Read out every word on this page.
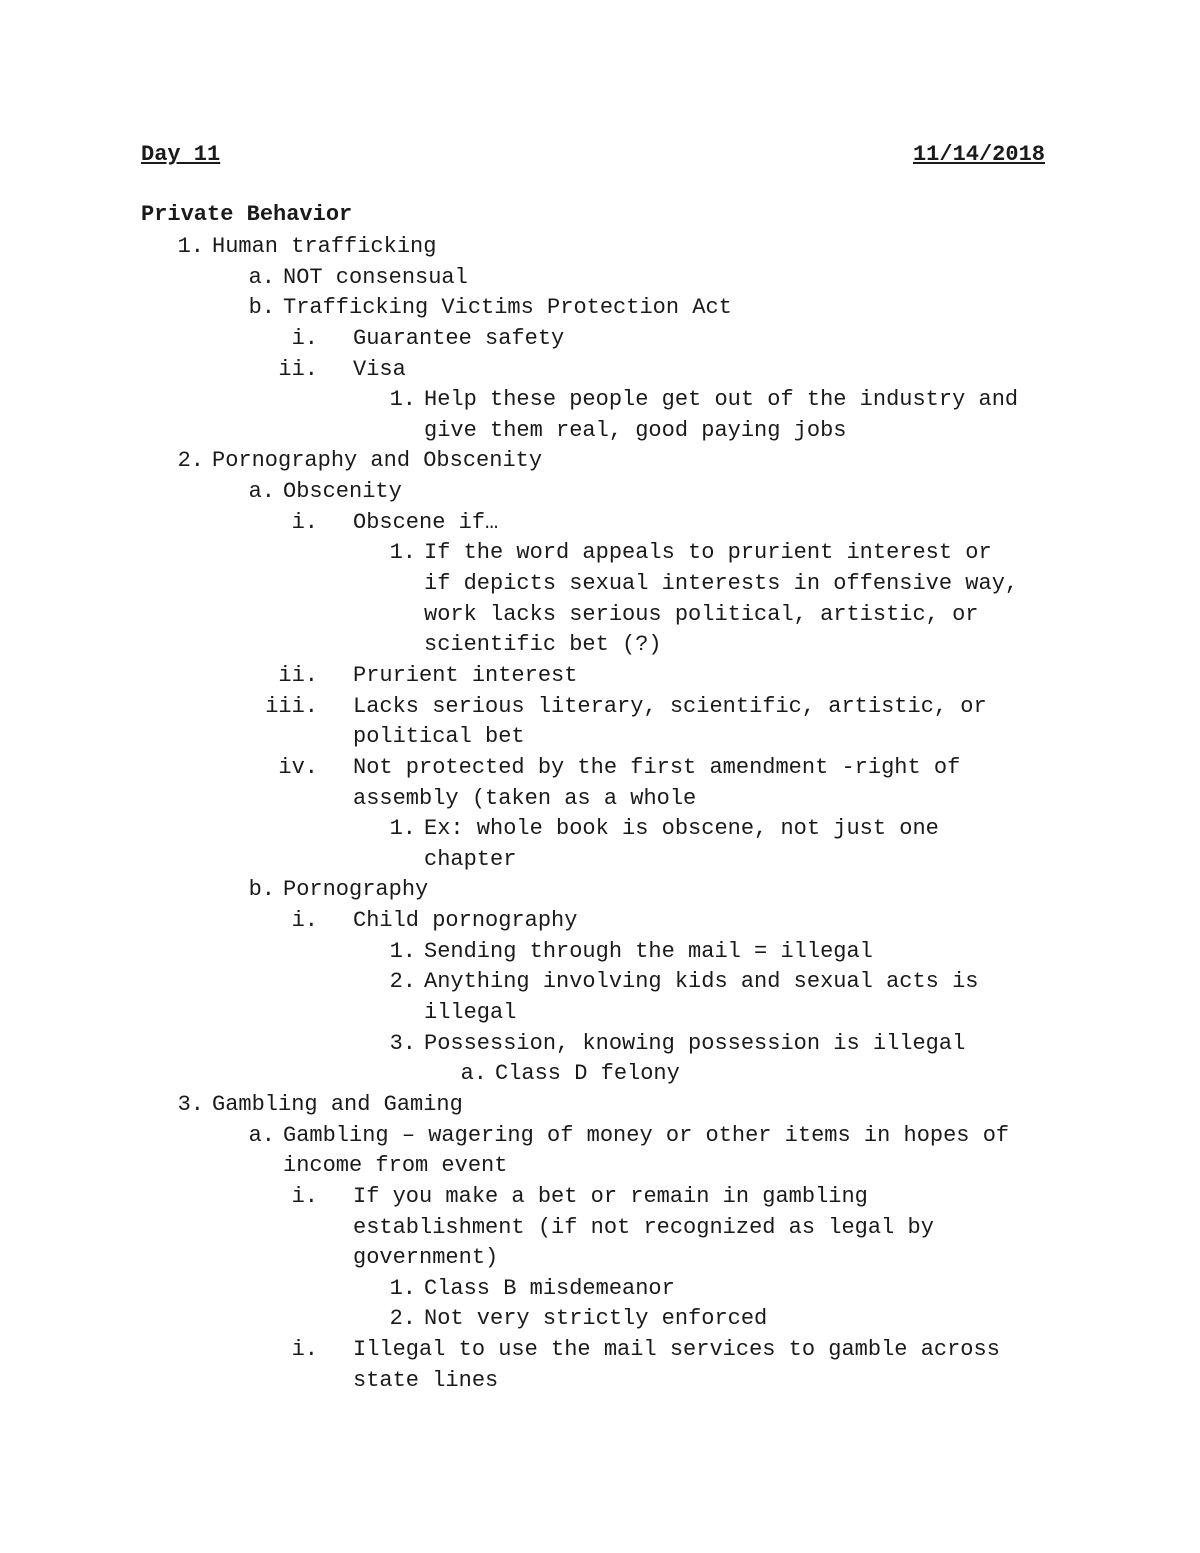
Day 11	11/14/2018
Private Behavior
1. Human trafficking
a. NOT consensual
b. Trafficking Victims Protection Act
i. Guarantee safety
ii. Visa
1. Help these people get out of the industry and
give them real, good paying jobs
2. Pornography and Obscenity
a. Obscenity
i. Obscene if…
1. If the word appeals to prurient interest or
if depicts sexual interests in offensive way,
work lacks serious political, artistic, or
scientific bet (?)
ii. Prurient interest
iii. Lacks serious literary, scientific, artistic, or
political bet
iv. Not protected by the first amendment -right of
assembly (taken as a whole
1. Ex: whole book is obscene, not just one
chapter
b. Pornography
i. Child pornography
1. Sending through the mail = illegal
2. Anything involving kids and sexual acts is
illegal
3. Possession, knowing possession is illegal
a. Class D felony
3. Gambling and Gaming
a. Gambling – wagering of money or other items in hopes of
income from event
i. If you make a bet or remain in gambling
establishment (if not recognized as legal by
government)
1. Class B misdemeanor
2. Not very strictly enforced
i. Illegal to use the mail services to gamble across
state lines
